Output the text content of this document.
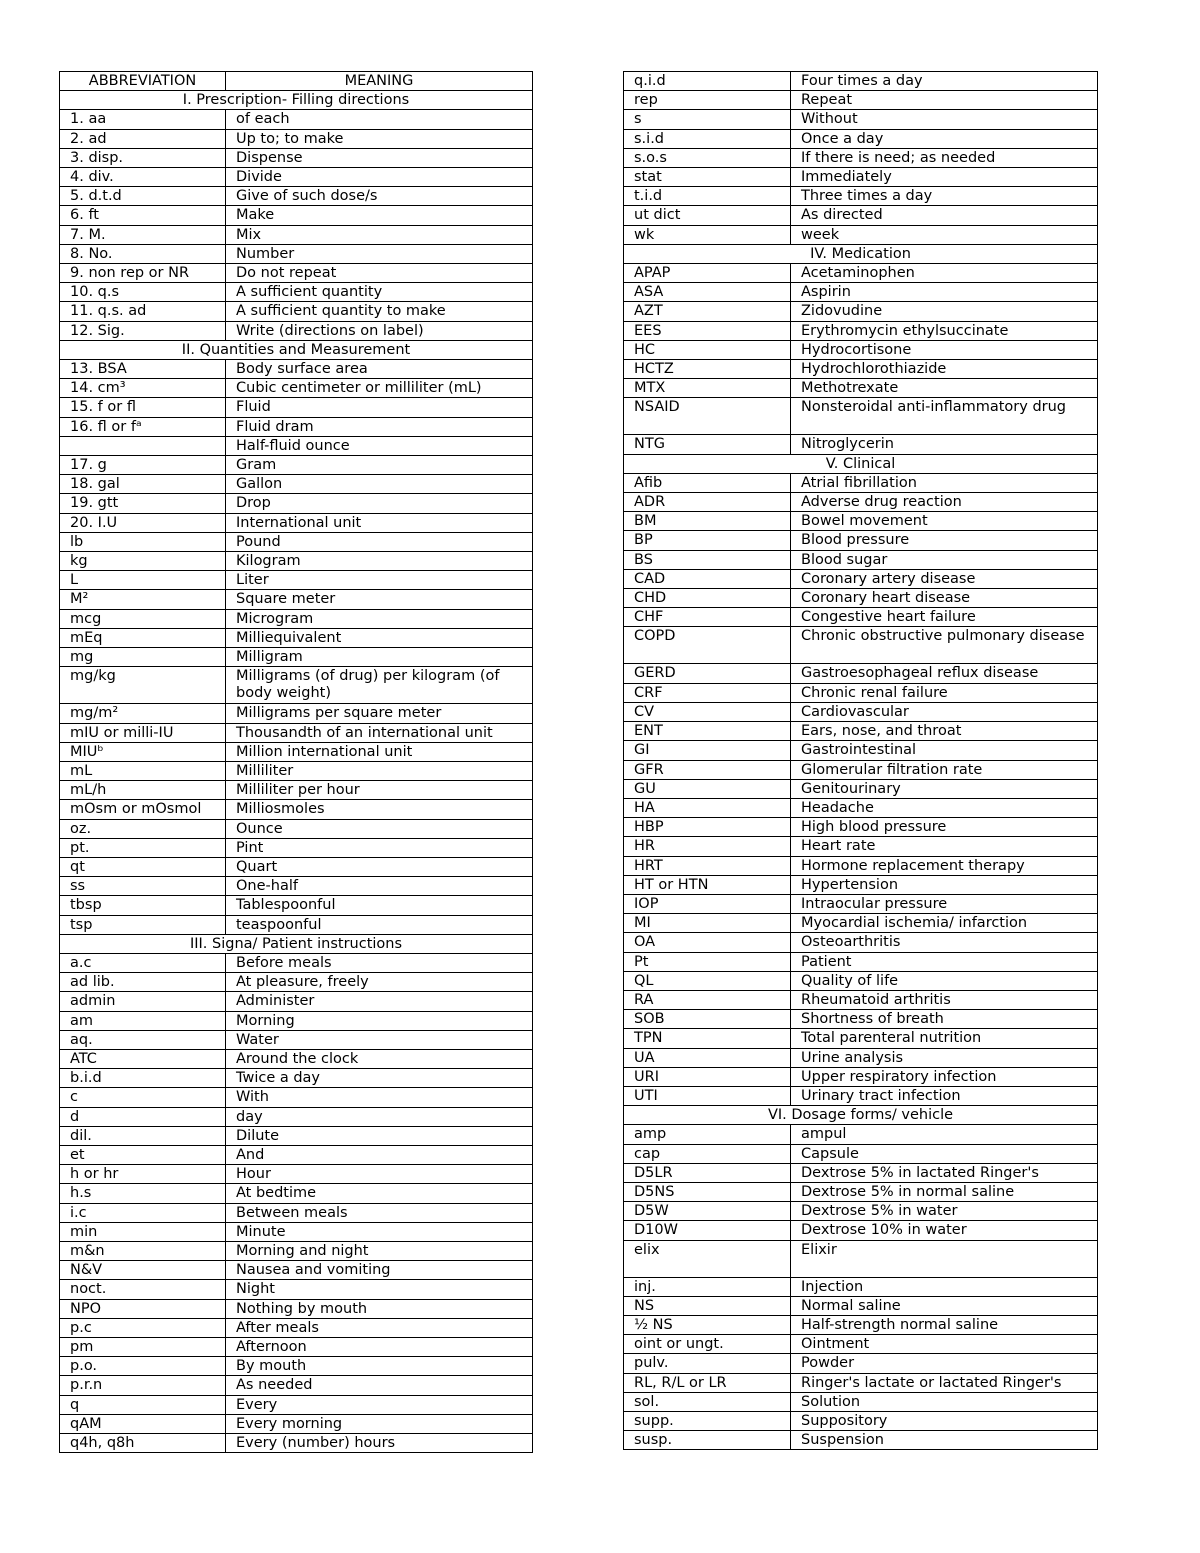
ABBREVIATION	MEANING
I. Prescription- Filling directions	
1. aa	of each
2. ad	Up to; to make
3. disp.	Dispense
4. div.	Divide
5. d.t.d	Give of such dose/s
6. ft	Make
7. M.	Mix
8. No.	Number
9. non rep or NR	Do not repeat
10. q.s	A sufficient quantity
11. q.s. ad	A sufficient quantity to make
12. Sig.	Write (directions on label)
II. Quantities and Measurement	
13. BSA	Body surface area
14. cm³	Cubic centimeter or milliliter (mL)
15. f or fl	Fluid
16. fl or fᵃ	Fluid dram
	Half-fluid ounce
17. g	Gram
18. gal	Gallon
19. gtt	Drop
20. I.U	International unit
lb	Pound
kg	Kilogram
L	Liter
M²	Square meter
mcg	Microgram
mEq	Milliequivalent
mg	Milligram
mg/kg	Milligrams (of drug) per kilogram (of body weight)
mg/m²	Milligrams per square meter
mIU or milli-IU	Thousandth of an international unit
MIUᵇ	Million international unit
mL	Milliliter
mL/h	Milliliter per hour
mOsm or mOsmol	Milliosmoles
oz.	Ounce
pt.	Pint
qt	Quart
ss	One-half
tbsp	Tablespoonful
tsp	teaspoonful
III. Signa/ Patient instructions	
a.c	Before meals
ad lib.	At pleasure, freely
admin	Administer
am	Morning
aq.	Water
ATC	Around the clock
b.i.d	Twice a day
c	With
d	day
dil.	Dilute
et	And
h or hr	Hour
h.s	At bedtime
i.c	Between meals
min	Minute
m&n	Morning and night
N&V	Nausea and vomiting
noct.	Night
NPO	Nothing by mouth
p.c	After meals
pm	Afternoon
p.o.	By mouth
p.r.n	As needed
q	Every
qAM	Every morning
q4h, q8h	Every (number) hours
q.i.d	Four times a day
rep	Repeat
s	Without
s.i.d	Once a day
s.o.s	If there is need; as needed
stat	Immediately
t.i.d	Three times a day
ut dict	As directed
wk	week
IV. Medication	
APAP	Acetaminophen
ASA	Aspirin
AZT	Zidovudine
EES	Erythromycin ethylsuccinate
HC	Hydrocortisone
HCTZ	Hydrochlorothiazide
MTX	Methotrexate
NSAID	Nonsteroidal anti-inflammatory drug
NTG	Nitroglycerin
V. Clinical	
Afib	Atrial fibrillation
ADR	Adverse drug reaction
BM	Bowel movement
BP	Blood pressure
BS	Blood sugar
CAD	Coronary artery disease
CHD	Coronary heart disease
CHF	Congestive heart failure
COPD	Chronic obstructive pulmonary disease
GERD	Gastroesophageal reflux disease
CRF	Chronic renal failure
CV	Cardiovascular
ENT	Ears, nose, and throat
GI	Gastrointestinal
GFR	Glomerular filtration rate
GU	Genitourinary
HA	Headache
HBP	High blood pressure
HR	Heart rate
HRT	Hormone replacement therapy
HT or HTN	Hypertension
IOP	Intraocular pressure
MI	Myocardial ischemia/ infarction
OA	Osteoarthritis
Pt	Patient
QL	Quality of life
RA	Rheumatoid arthritis
SOB	Shortness of breath
TPN	Total parenteral nutrition
UA	Urine analysis
URI	Upper respiratory infection
UTI	Urinary tract infection
VI. Dosage forms/ vehicle	
amp	ampul
cap	Capsule
D5LR	Dextrose 5% in lactated Ringer's
D5NS	Dextrose 5% in normal saline
D5W	Dextrose 5% in water
D10W	Dextrose 10% in water
elix	Elixir
inj.	Injection
NS	Normal saline
½ NS	Half-strength normal saline
oint or ungt.	Ointment
pulv.	Powder
RL, R/L or LR	Ringer's lactate or lactated Ringer's
sol.	Solution
supp.	Suppository
susp.	Suspension
